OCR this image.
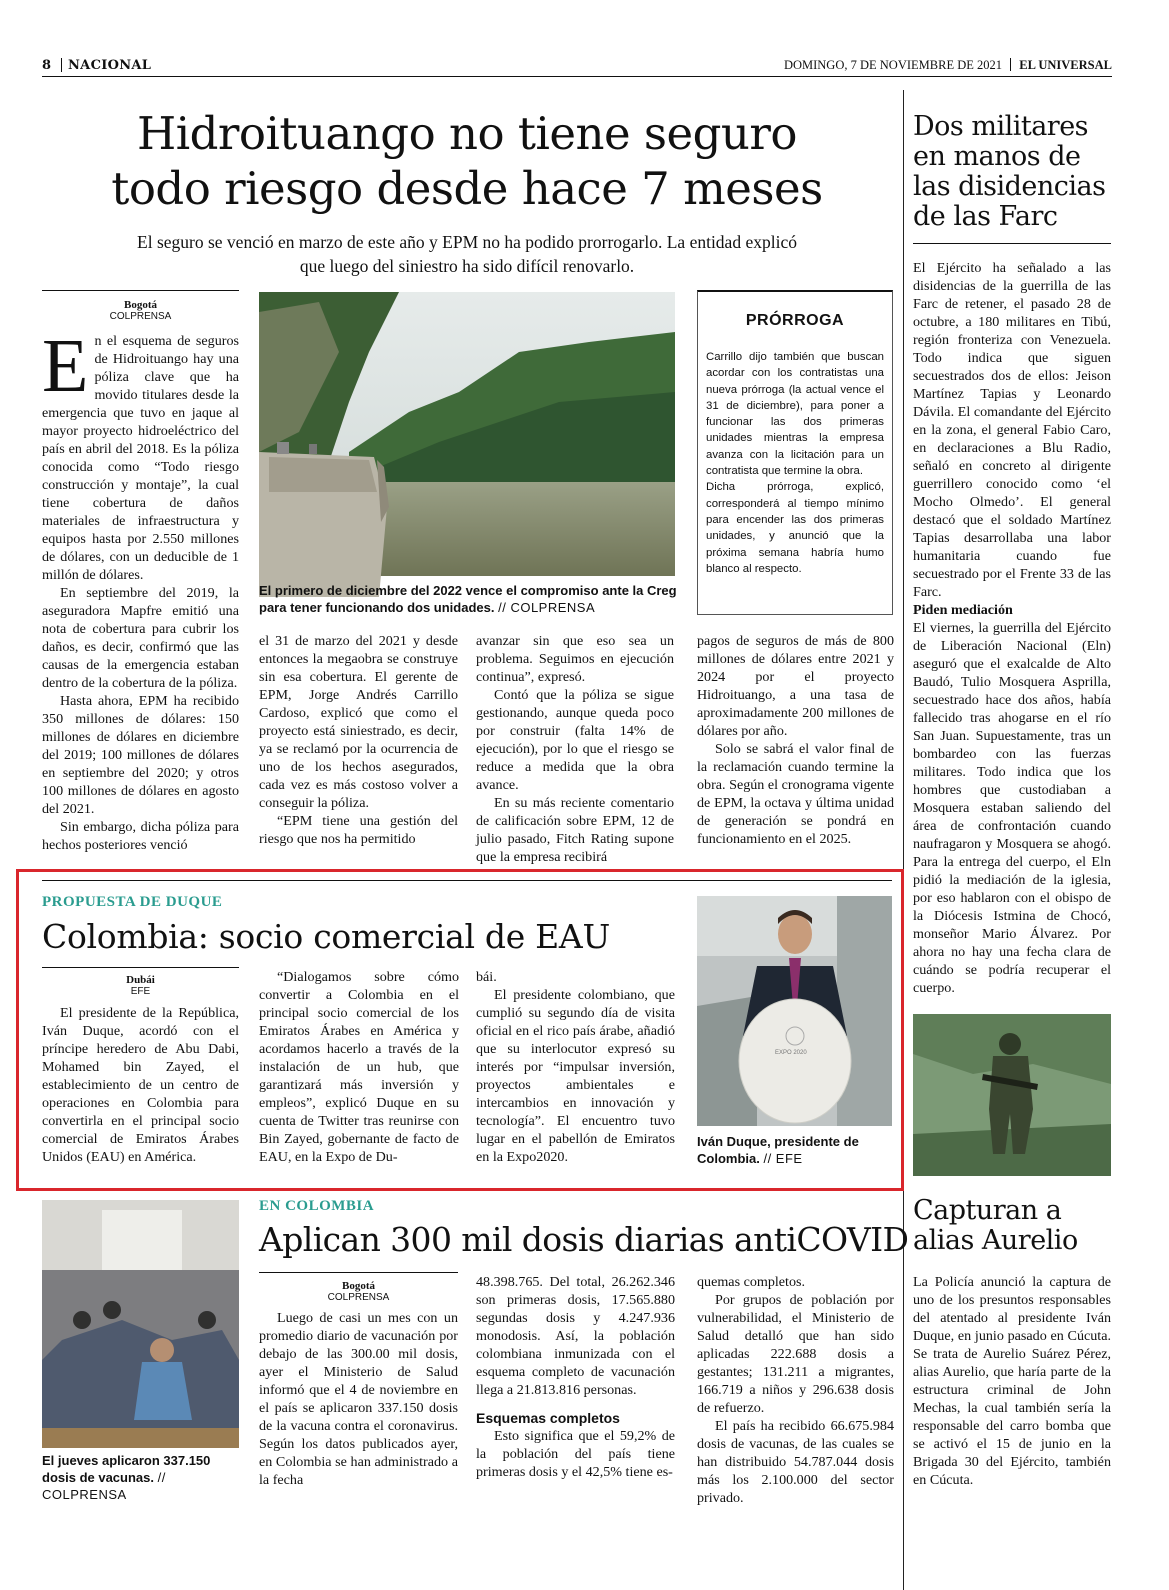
8 NACIONAL	DOMINGO, 7 DE NOVIEMBRE DE 2021 EL UNIVERSAL
Hidroituango no tiene seguro
todo riesgo desde hace 7 meses
El seguro se venció en marzo de este año y EPM no ha podido prorrogarlo. La entidad explicó
que luego del siniestro ha sido difícil renovarlo.
Bogotá
COLPRENSA

En el esquema de seguros de Hidroituango hay una póliza clave que ha movido titulares desde la emergencia que tuvo en jaque al mayor proyecto hidroeléctrico del país en abril del 2018. Es la póliza conocida como “Todo riesgo construcción y montaje”, la cual tiene cobertura de daños materiales de infraestructura y equipos hasta por 2.550 millones de dólares, con un deducible de 1 millón de dólares.

En septiembre del 2019, la aseguradora Mapfre emitió una nota de cobertura para cubrir los daños, es decir, confirmó que las causas de la emergencia estaban dentro de la cobertura de la póliza.

Hasta ahora, EPM ha recibido 350 millones de dólares: 150 millones de dólares en diciembre del 2019; 100 millones de dólares en septiembre del 2020; y otros 100 millones de dólares en agosto del 2021.

Sin embargo, dicha póliza para hechos posteriores venció

El primero de diciembre del 2022 vence el compromiso ante la Creg para tener funcionando dos unidades. // COLPRENSA
PRÓRROGA
Carrillo dijo también que buscan acordar con los contratistas una nueva prórroga (la actual vence el 31 de diciembre), para poner a funcionar las dos primeras unidades mientras la empresa avanza con la licitación para un contratista que termine la obra.
Dicha prórroga, explicó, corresponderá al tiempo mínimo para encender las dos primeras unidades, y anunció que la próxima semana habría humo blanco al respecto.

el 31 de marzo del 2021 y desde entonces la megaobra se construye sin esa cobertura. El gerente de EPM, Jorge Andrés Carrillo Cardoso, explicó que como el proyecto está siniestrado, es decir, ya se reclamó por la ocurrencia de uno de los hechos asegurados, cada vez es más costoso volver a conseguir la póliza.

“EPM tiene una gestión del riesgo que nos ha permitido

avanzar sin que eso sea un problema. Seguimos en ejecución continua”, expresó.

Contó que la póliza se sigue gestionando, aunque queda poco por construir (falta 14% de ejecución), por lo que el riesgo se reduce a medida que la obra avance.

En su más reciente comentario de calificación sobre EPM, 12 de julio pasado, Fitch Rating supone que la empresa recibirá

pagos de seguros de más de 800 millones de dólares entre 2021 y 2024 por el proyecto Hidroituango, a una tasa de aproximadamente 200 millones de dólares por año.

Solo se sabrá el valor final de la reclamación cuando termine la obra. Según el cronograma vigente de EPM, la octava y última unidad de generación se pondrá en funcionamiento en el 2025.

Dos militares en manos de las disidencias de las Farc

El Ejército ha señalado a las disidencias de la guerrilla de las Farc de retener, el pasado 28 de octubre, a 180 militares en Tibú, región fronteriza con Venezuela. Todo indica que siguen secuestrados dos de ellos: Jeison Martínez Tapias y Leonardo Dávila. El comandante del Ejército en la zona, el general Fabio Caro, en declaraciones a Blu Radio, señaló en concreto al dirigente guerrillero conocido como ‘el Mocho Olmedo’. El general destacó que el soldado Martínez Tapias desarrollaba una labor humanitaria cuando fue secuestrado por el Frente 33 de las Farc.

Piden mediación

El viernes, la guerrilla del Ejército de Liberación Nacional (Eln) aseguró que el exalcalde de Alto Baudó, Tulio Mosquera Asprilla, secuestrado hace dos años, había fallecido tras ahogarse en el río San Juan. Supuestamente, tras un bombardeo con las fuerzas militares. Todo indica que los hombres que custodiaban a Mosquera estaban saliendo del área de confrontación cuando naufragaron y Mosquera se ahogó. Para la entrega del cuerpo, el Eln pidió la mediación de la iglesia, por eso hablaron con el obispo de la Diócesis Istmina de Chocó, monseñor Mario Álvarez. Por ahora no hay una fecha clara de cuándo se podría recuperar el cuerpo.

PROPUESTA DE DUQUE
Colombia: socio comercial de EAU
Dubái
EFE

El presidente de la República, Iván Duque, acordó con el príncipe heredero de Abu Dabi, Mohamed bin Zayed, el establecimiento de un centro de operaciones en Colombia para convertirla en el principal socio comercial de Emiratos Árabes Unidos (EAU) en América.

“Dialogamos sobre cómo convertir a Colombia en el principal socio comercial de los Emiratos Árabes en América y acordamos hacerlo a través de la instalación de un hub, que garantizará más inversión y empleos”, explicó Duque en su cuenta de Twitter tras reunirse con Bin Zayed, gobernante de facto de EAU, en la Expo de Du-

bái.

El presidente colombiano, que cumplió su segundo día de visita oficial en el rico país árabe, añadió que su interlocutor expresó su interés por “impulsar inversión, proyectos ambientales e intercambios en innovación y tecnología”. El encuentro tuvo lugar en el pabellón de Emiratos en la Expo2020.

EXPO 2020
Iván Duque, presidente de Colombia. // EFE
El jueves aplicaron 337.150 dosis de vacunas. // COLPRENSA
EN COLOMBIA
Aplican 300 mil dosis diarias antiCOVID
Bogotá
COLPRENSA

Luego de casi un mes con un promedio diario de vacunación por debajo de las 300.00 mil dosis, ayer el Ministerio de Salud informó que el 4 de noviembre en el país se aplicaron 337.150 dosis de la vacuna contra el coronavirus. Según los datos publicados ayer, en Colombia se han administrado a la fecha

48.398.765. Del total, 26.262.346 son primeras dosis, 17.565.880 segundas dosis y 4.247.936 monodosis. Así, la población colombiana inmunizada con el esquema completo de vacunación llega a 21.813.816 personas.

Esquemas completos

Esto significa que el 59,2% de la población del país tiene primeras dosis y el 42,5% tiene es-

quemas completos.

Por grupos de población por vulnerabilidad, el Ministerio de Salud detalló que han sido aplicadas 222.688 dosis a gestantes; 131.211 a migrantes, 166.719 a niños y 296.638 dosis de refuerzo.

El país ha recibido 66.675.984 dosis de vacunas, de las cuales se han distribuido 54.787.044 dosis más los 2.100.000 del sector privado.

Capturan a alias Aurelio

La Policía anunció la captura de uno de los presuntos responsables del atentado al presidente Iván Duque, en junio pasado en Cúcuta. Se trata de Aurelio Suárez Pérez, alias Aurelio, que haría parte de la estructura criminal de John Mechas, la cual también sería la responsable del carro bomba que se activó el 15 de junio en la Brigada 30 del Ejército, también en Cúcuta.
